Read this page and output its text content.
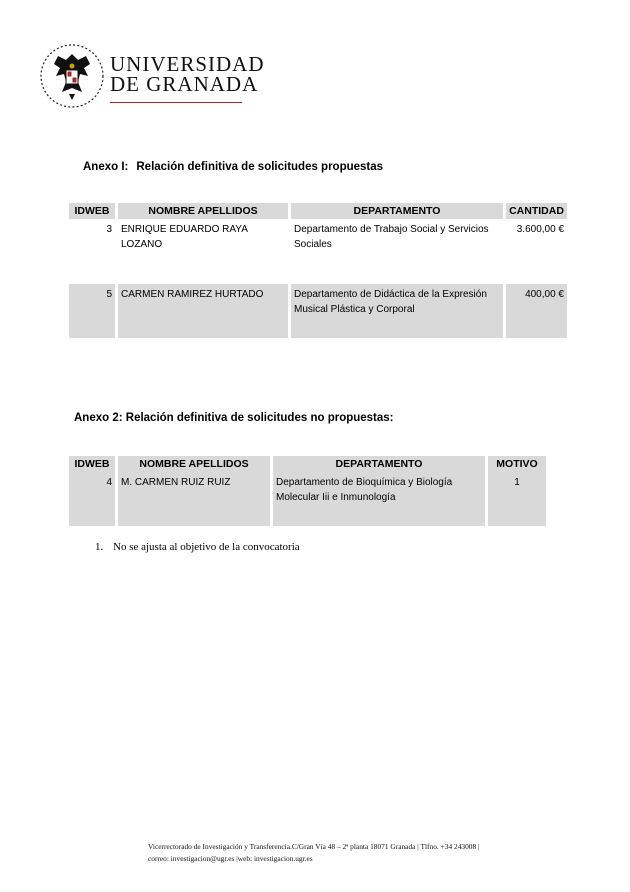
UNIVERSIDAD
DE GRANADA
Anexo I: Relación definitiva de solicitudes propuestas
IDWEB	NOMBRE APELLIDOS	DEPARTAMENTO	CANTIDAD
3	ENRIQUE EDUARDO RAYA LOZANO	Departamento de Trabajo Social y Servicios Sociales	3.600,00 €

5	CARMEN RAMIREZ HURTADO	Departamento de Didáctica de la Expresión Musical Plástica y Corporal	400,00 €
Anexo 2: Relación definitiva de solicitudes no propuestas:
IDWEB	NOMBRE APELLIDOS	DEPARTAMENTO	MOTIVO
4	M. CARMEN RUIZ RUIZ	Departamento de Bioquímica y Biología Molecular Iii e Inmunología	1
1. No se ajusta al objetivo de la convocatoria
Vicerrectorado de Investigación y Transferencia.C/Gran Vía 48 – 2ª planta 18071 Granada | Tlfno. +34 243008 |
correo: investigacion@ugr.es |web: investigacion.ugr.es
